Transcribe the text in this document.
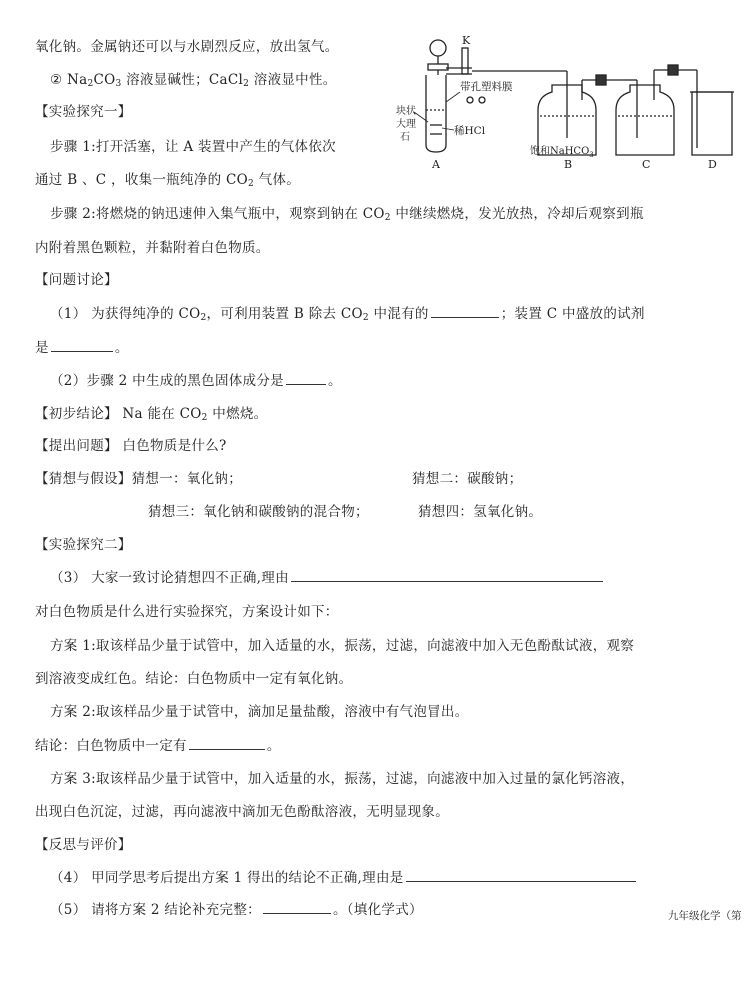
氧化钠。金属钠还可以与水剧烈反应，放出氢气。
② $Na_2CO_3$ 溶液显碱性；CaCl$_2$ 溶液显中性。
【实验探究一】
步骤 1:打开活塞，让 A 装置中产生的气体依次
通过 B 、C ，收集一瓶纯净的 $CO_2$ 气体。
步骤 2:将燃烧的钠迅速伸入集气瓶中，观察到钠在 $CO_2$ 中继续燃烧，发光放热，冷却后观察到瓶
内附着黑色颗粒，并黏附着白色物质。
【问题讨论】
（1） 为获得纯净的 $CO_2$，可利用装置 B 除去 $CO_2$ 中混有的	；装置 C 中盛放的试剂
是	。
（2）步骤 2 中生成的黑色固体成分是	。
【初步结论】 Na 能在 $CO_2$ 中燃烧。
【提出问题】 白色物质是什么?
【猜想与假设】猜想一：氧化钠；	猜想二：碳酸钠；
猜想三：氧化钠和碳酸钠的混合物；	猜想四：氢氧化钠。
【实验探究二】
（3） 大家一致讨论猜想四不正确,理由
对白色物质是什么进行实验探究，方案设计如下：
方案 1:取该样品少量于试管中，加入适量的水，振荡，过滤，向滤液中加入无色酚酞试液，观察
到溶液变成红色。结论：白色物质中一定有氧化钠。
方案 2:取该样品少量于试管中，滴加足量盐酸，溶液中有气泡冒出。
结论：白色物质中一定有	。
方案 3:取该样品少量于试管中，加入适量的水，振荡，过滤，向滤液中加入过量的氯化钙溶液，
出现白色沉淀，过滤，再向滤液中滴加无色酚酞溶液，无明显现象。
【反思与评价】
（4） 甲同学思考后提出方案 1 得出的结论不正确,理由是
（5） 请将方案 2 结论补充完整：	。（填化学式）	九年级化学（第
K
带孔塑料膜
块状
大理
石
稀HCl
饱和NaHCO$_3$
A	B	C	D
